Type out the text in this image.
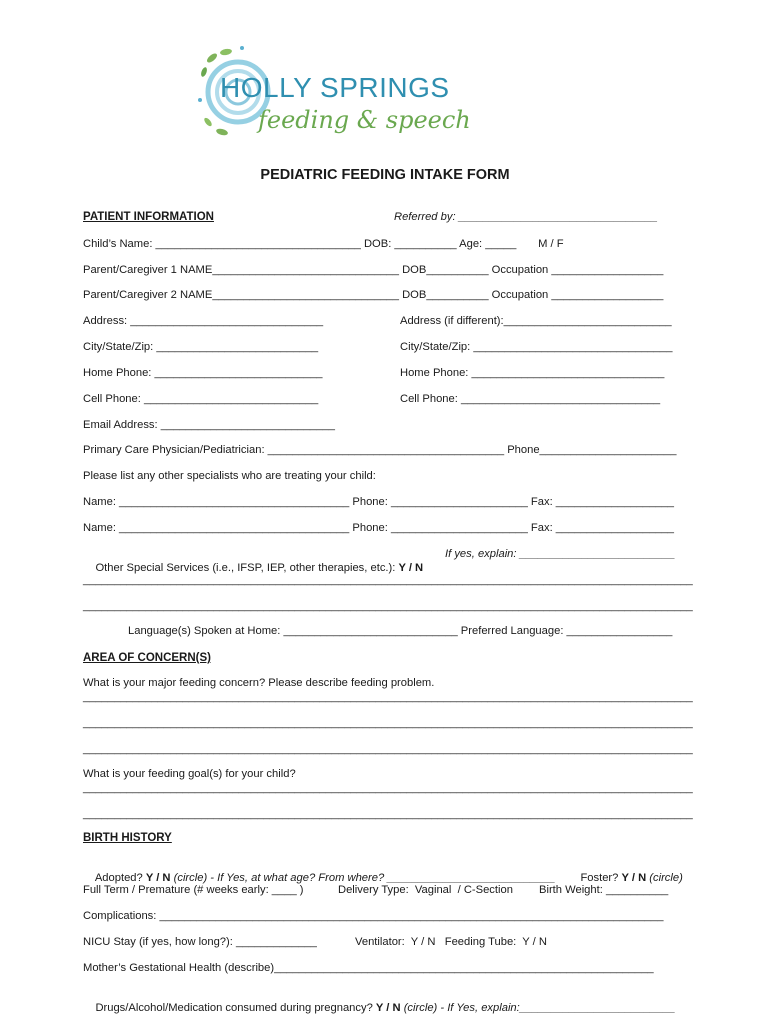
HOLLY SPRINGS
feeding & speech
PEDIATRIC FEEDING INTAKE FORM
PATIENT INFORMATION	Referred by: ________________________________
Child’s Name: _________________________________ DOB: __________ Age: _____       M / F
Parent/Caregiver 1 NAME______________________________ DOB__________ Occupation __________________
Parent/Caregiver 2 NAME______________________________ DOB__________ Occupation __________________
Address: _______________________________	Address (if different):___________________________
City/State/Zip: __________________________	City/State/Zip: ________________________________
Home Phone: ___________________________	Home Phone: _______________________________
Cell Phone: ____________________________	Cell Phone: ________________________________
Email Address: ____________________________
Primary Care Physician/Pediatrician: ______________________________________ Phone______________________
Please list any other specialists who are treating your child:
Name: _____________________________________ Phone: ______________________ Fax: ___________________
Name: _____________________________________ Phone: ______________________ Fax: ___________________

Other Special Services (i.e., IFSP, IEP, other therapies, etc.): Y / N

If yes, explain: _________________________
__________________________________________________________________________________________________
__________________________________________________________________________________________________
Language(s) Spoken at Home: ____________________________ Preferred Language: _________________
AREA OF CONCERN(S)
What is your major feeding concern? Please describe feeding problem.
__________________________________________________________________________________________________
__________________________________________________________________________________________________
__________________________________________________________________________________________________
What is your feeding goal(s) for your child?
__________________________________________________________________________________________________
__________________________________________________________________________________________________
BIRTH HISTORY

Adopted? Y / N (circle) - If Yes, at what age? From where? ___________________________
	Foster? Y / N (circle)

Full Term / Premature (# weeks early: ____ )	Delivery Type:  Vaginal  / C-Section Birth Weight: __________
Complications: _________________________________________________________________________________
NICU Stay (if yes, how long?): _____________	Ventilator:  Y / N   Feeding Tube:  Y / N
Mother’s Gestational Health (describe)_____________________________________________________________

Drugs/Alcohol/Medication consumed during pregnancy? Y / N (circle) - If Yes, explain:_________________________
